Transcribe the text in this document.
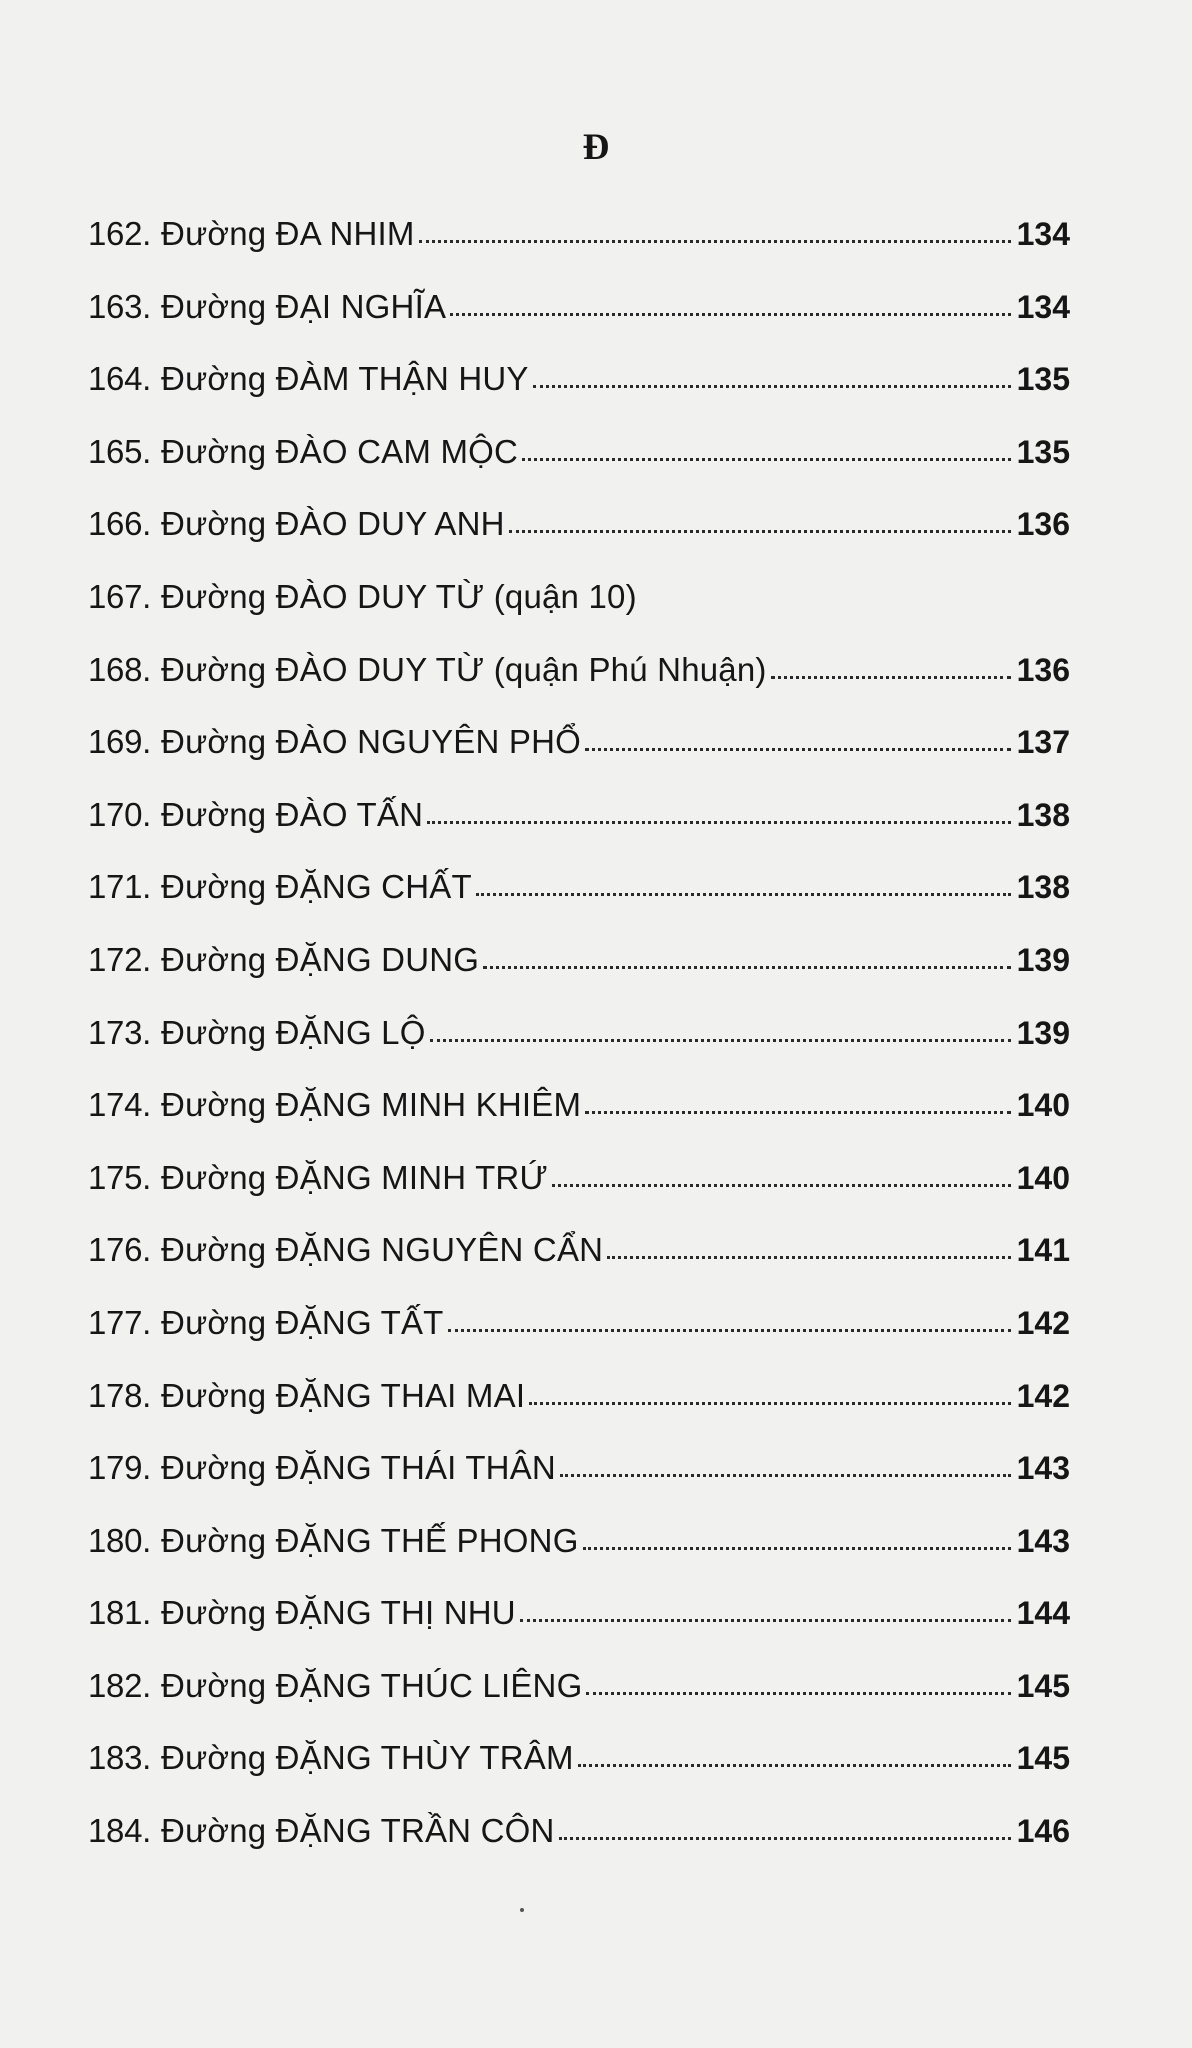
Đ
162. Đường ĐA NHIM	134
163. Đường ĐẠI NGHĨA	134
164. Đường ĐÀM THẬN HUY	135
165. Đường ĐÀO CAM MỘC	135
166. Đường ĐÀO DUY ANH	136
167. Đường ĐÀO DUY TỪ (quận 10)
168. Đường ĐÀO DUY TỪ (quận Phú Nhuận)	136
169. Đường ĐÀO NGUYÊN PHỔ	137
170. Đường ĐÀO TẤN	138
171. Đường ĐẶNG CHẤT	138
172. Đường ĐẶNG DUNG	139
173. Đường ĐẶNG LỘ	139
174. Đường ĐẶNG MINH KHIÊM	140
175. Đường ĐẶNG MINH TRỨ	140
176. Đường ĐẶNG NGUYÊN CẨN	141
177. Đường ĐẶNG TẤT	142
178. Đường ĐẶNG THAI MAI	142
179. Đường ĐẶNG THÁI THÂN	143
180. Đường ĐẶNG THẾ PHONG	143
181. Đường ĐẶNG THỊ NHU	144
182. Đường ĐẶNG THÚC LIÊNG	145
183. Đường ĐẶNG THÙY TRÂM	145
184. Đường ĐẶNG TRẦN CÔN	146
